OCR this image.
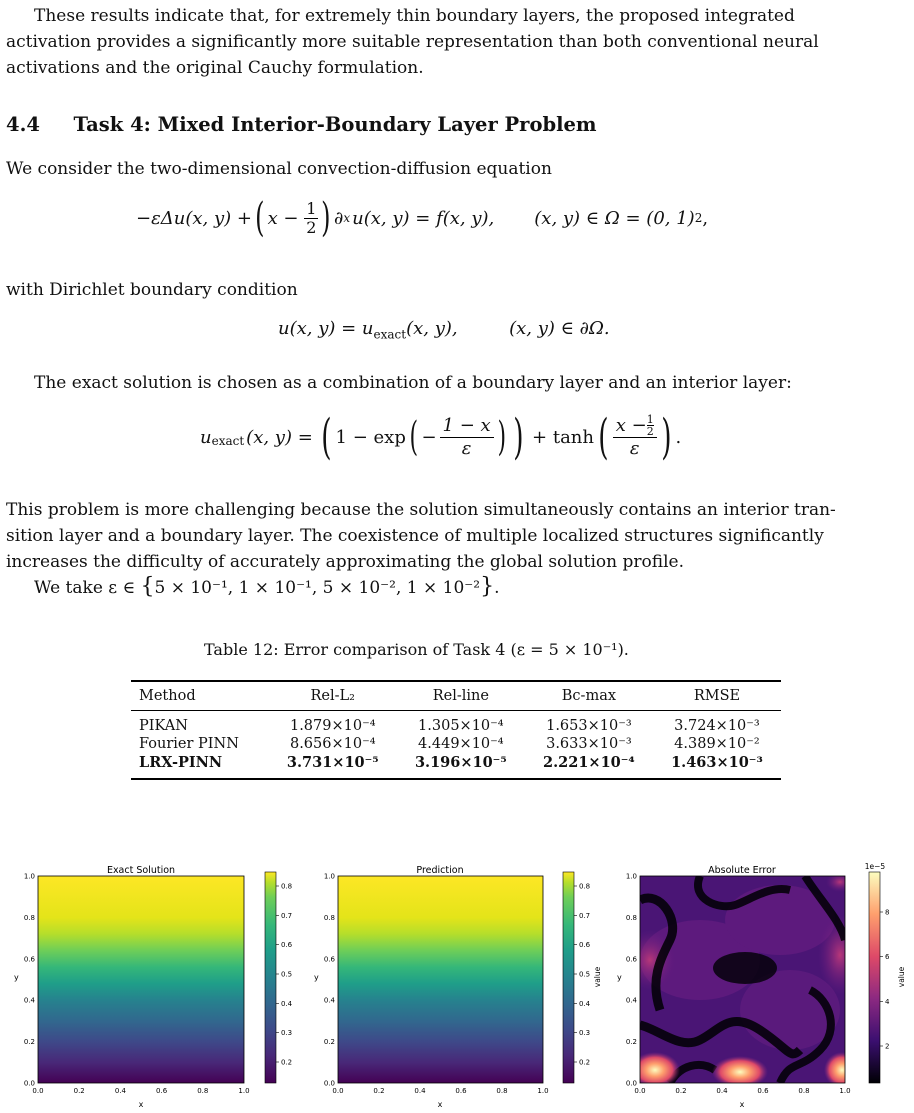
These results indicate that, for extremely thin boundary layers, the proposed integrated
activation provides a significantly more suitable representation than both conventional neural
activations and the original Cauchy formulation.
4.4 Task 4: Mixed Interior-Boundary Layer Problem
We consider the two-dimensional convection-diffusion equation
−εΔu(x, y) + ( $x - \frac{1}{2}$ ) ∂ x u(x, y) = f(x, y), (x, y) ∈ Ω = (0, 1) 2 ,
with Dirichlet boundary condition
u(x, $y) = u_{exact}(x$, y),	(x, y) ∈ ∂Ω.
The exact solution is chosen as a combination of a boundary layer and an interior layer:
$u_{exact}$ (x, y) = ( 1 − exp ( − $\frac{1 - x}{\varepsilon}$ ) ) + tanh ( $\frac{x - \frac{1}{2}}{\varepsilon}$ ) .
This problem is more challenging because the solution simultaneously contains an interior tran-
sition layer and a boundary layer. The coexistence of multiple localized structures significantly
increases the difficulty of accurately approximating the global solution profile.
We take ε ∈ {5 × 10⁻¹, 1 × 10⁻¹, 5 × 10⁻², 1 × 10⁻²}.
Table 12: Error comparison of Task 4 (ε = 5 × 10⁻¹).
Method	Rel-L₂	Rel-line	Bc-max	RMSE
PIKAN	1.879×10⁻⁴	1.305×10⁻⁴	1.653×10⁻³	3.724×10⁻³
Fourier PINN	8.656×10⁻⁴	4.449×10⁻⁴	3.633×10⁻³	4.389×10⁻²
LRX-PINN	3.731×10⁻⁵	3.196×10⁻⁵	2.221×10⁻⁴	1.463×10⁻³
Exact Solution
y
x
0.0
0.0
0.2
0.2
0.4
0.4
0.6
0.6
0.8
0.8
1.0
1.0
0.2
0.3
0.4
0.5
0.6
0.7
0.8
Prediction
y
x
0.0
0.0
0.2
0.2
0.4
0.4
0.6
0.6
0.8
0.8
1.0
1.0
0.2
0.3
0.4
0.5
0.6
0.7
0.8
value
Absolute Error
y
x
0.0
0.0
0.2
0.2
0.4
0.4
0.6
0.6
0.8
0.8
1.0
1.0
2
4
6
8
1e−5
value
